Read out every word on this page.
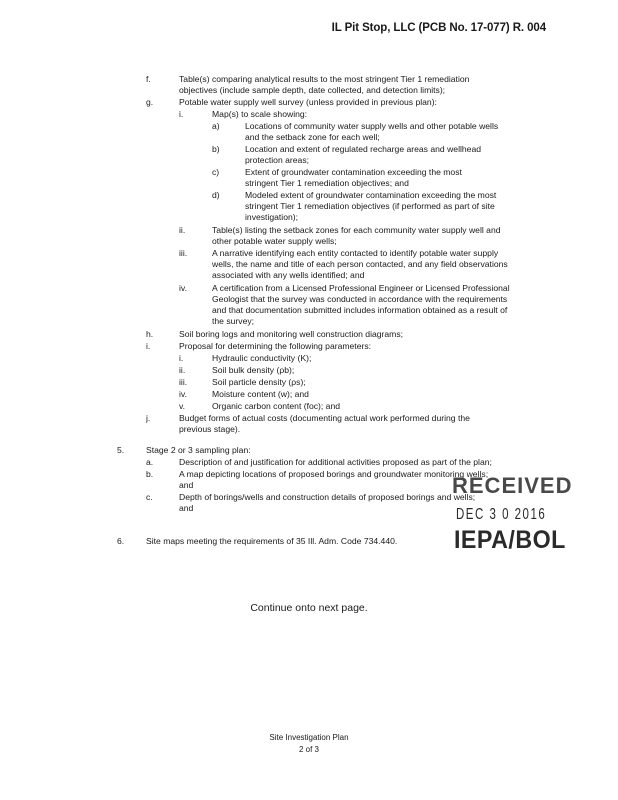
IL Pit Stop, LLC (PCB No. 17-077) R. 004
f.	Table(s) comparing analytical results to the most stringent Tier 1 remediation objectives (include sample depth, date collected, and detection limits);
g.	Potable water supply well survey (unless provided in previous plan):
i.	Map(s) to scale showing:
a)	Locations of community water supply wells and other potable wells and the setback zone for each well;
b)	Location and extent of regulated recharge areas and wellhead protection areas;
c)	Extent of groundwater contamination exceeding the most stringent Tier 1 remediation objectives; and
d)	Modeled extent of groundwater contamination exceeding the most stringent Tier 1 remediation objectives (if performed as part of site investigation);
ii.	Table(s) listing the setback zones for each community water supply well and other potable water supply wells;
iii.	A narrative identifying each entity contacted to identify potable water supply wells, the name and title of each person contacted, and any field observations associated with any wells identified; and
iv.	A certification from a Licensed Professional Engineer or Licensed Professional Geologist that the survey was conducted in accordance with the requirements and that documentation submitted includes information obtained as a result of the survey;
h.	Soil boring logs and monitoring well construction diagrams;
i.	Proposal for determining the following parameters:
i.	Hydraulic conductivity (K);
ii.	Soil bulk density (ρb);
iii.	Soil particle density (ρs);
iv.	Moisture content (w); and
v.	Organic carbon content (foc); and
j.	Budget forms of actual costs (documenting actual work performed during the previous stage).
5.	Stage 2 or 3 sampling plan:
a.	Description of and justification for additional activities proposed as part of the plan;
b.	A map depicting locations of proposed borings and groundwater monitoring wells;
and
c.	Depth of borings/wells and construction details of proposed borings and wells;
and
6.	Site maps meeting the requirements of 35 Ill. Adm. Code 734.440.
RECEIVED
DEC 3 0 2016
IEPA/BOL
Continue onto next page.
Site Investigation Plan
2 of 3
